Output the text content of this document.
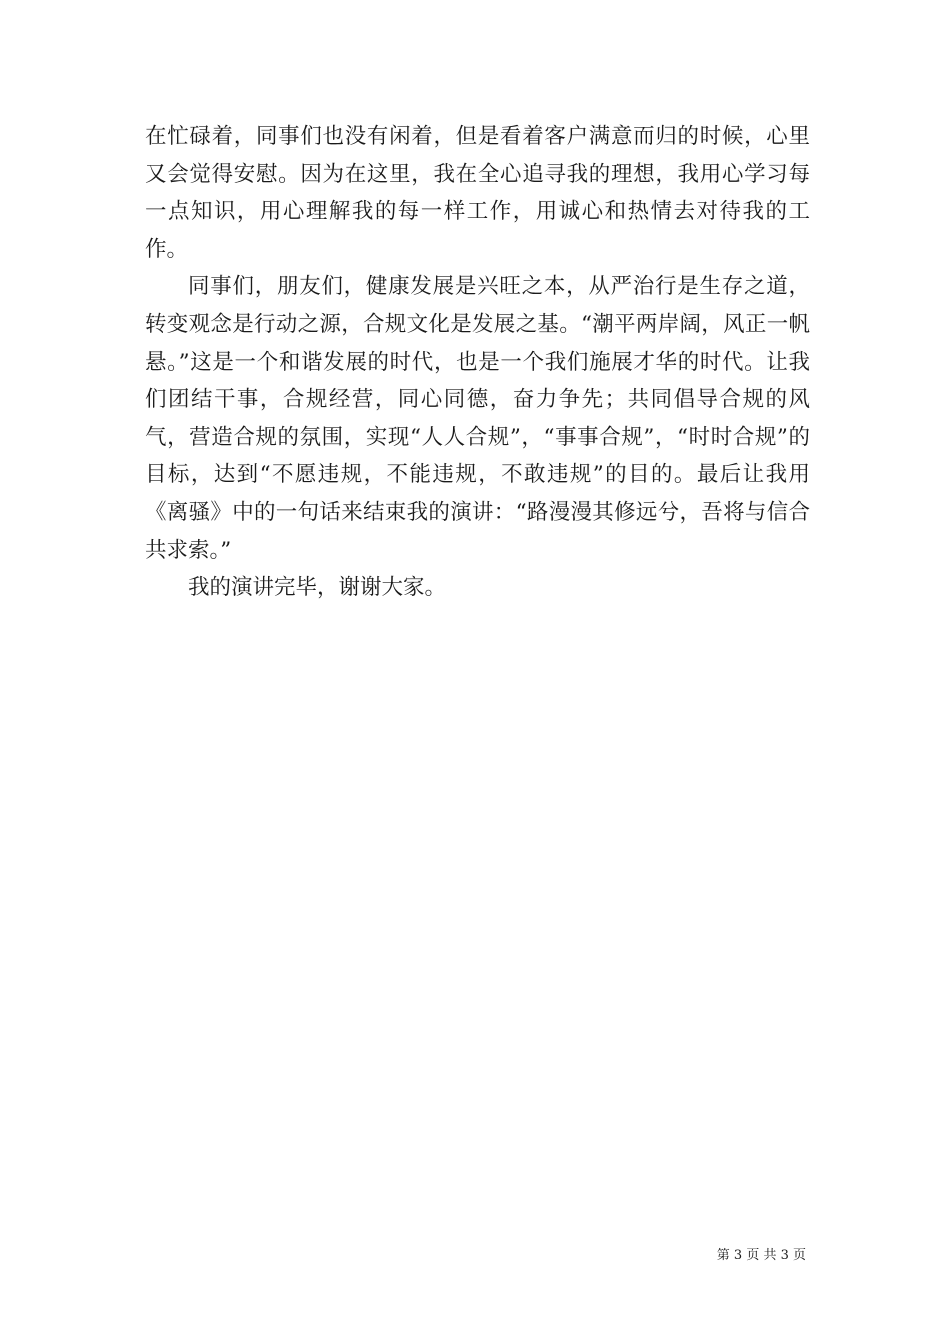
在忙碌着，同事们也没有闲着，但是看着客户满意而归的时候，心里又会觉得安慰。因为在这里，我在全心追寻我的理想，我用心学习每一点知识，用心理解我的每一样工作，用诚心和热情去对待我的工作。

同事们，朋友们，健康发展是兴旺之本，从严治行是生存之道，转变观念是行动之源，合规文化是发展之基。“潮平两岸阔，风正一帆悬。”这是一个和谐发展的时代，也是一个我们施展才华的时代。让我们团结干事，合规经营，同心同德，奋力争先；共同倡导合规的风气，营造合规的氛围，实现“人人合规”，“事事合规”，“时时合规”的目标，达到“不愿违规，不能违规，不敢违规”的目的。最后让我用《离骚》中的一句话来结束我的演讲：“路漫漫其修远兮，吾将与信合共求索。”

我的演讲完毕，谢谢大家。

第 3 页 共 3 页
